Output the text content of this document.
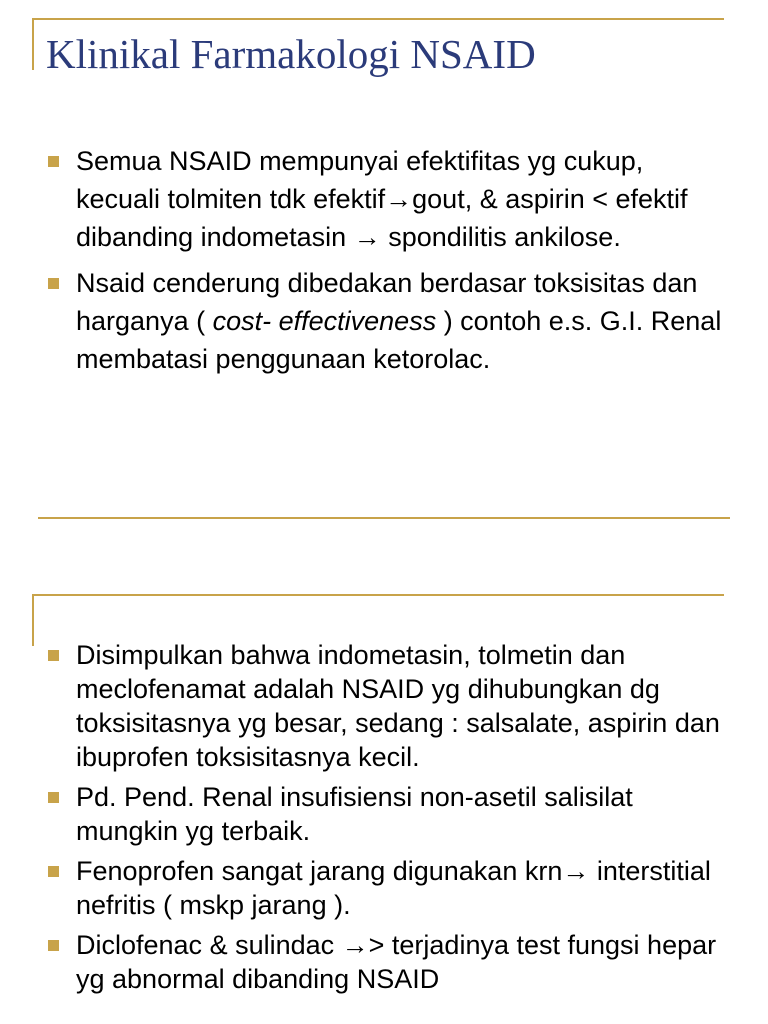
Klinikal Farmakologi NSAID
Semua NSAID mempunyai efektifitas yg cukup, kecuali tolmiten tdk efektif→gout, & aspirin < efektif dibanding indometasin → spondilitis ankilose.
Nsaid cenderung dibedakan berdasar toksisitas dan harganya ( cost- effectiveness ) contoh e.s. G.I. Renal membatasi penggunaan ketorolac.
Disimpulkan bahwa indometasin, tolmetin dan meclofenamat adalah NSAID yg dihubungkan dg toksisitasnya yg besar, sedang : salsalate, aspirin dan ibuprofen toksisitasnya kecil.
Pd. Pend. Renal insufisiensi non-asetil salisilat mungkin yg terbaik.
Fenoprofen sangat jarang digunakan krn→ interstitial nefritis ( mskp jarang ).
Diclofenac & sulindac →> terjadinya test fungsi hepar yg abnormal dibanding NSAID
